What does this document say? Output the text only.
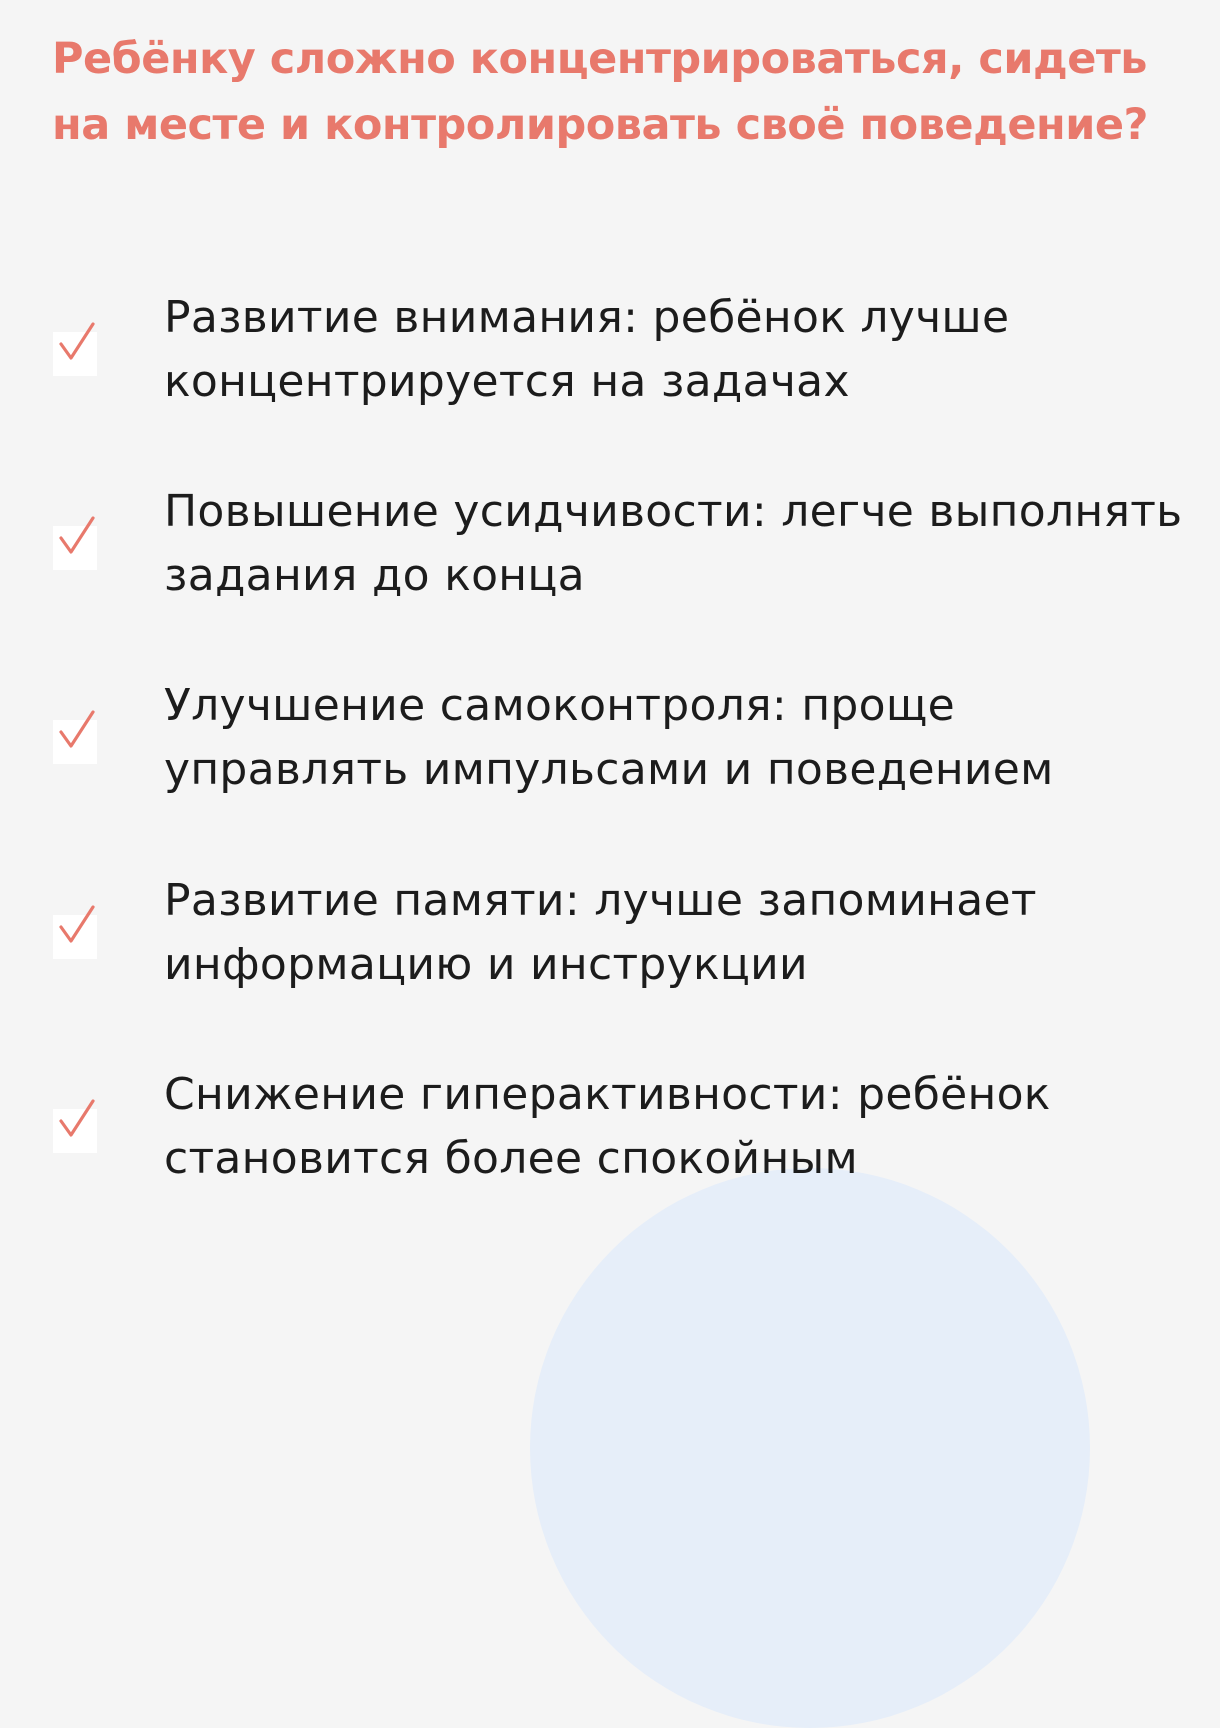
Ребёнку сложно концентрироваться, сидеть на месте и контролировать своё поведение?

Развитие внимания: ребёнок лучше концентрируется на задачах

Повышение усидчивости: легче выполнять задания до конца

Улучшение самоконтроля: проще управлять импульсами и поведением

Развитие памяти: лучше запоминает информацию и инструкции

Снижение гиперактивности: ребёнок становится более спокойным
